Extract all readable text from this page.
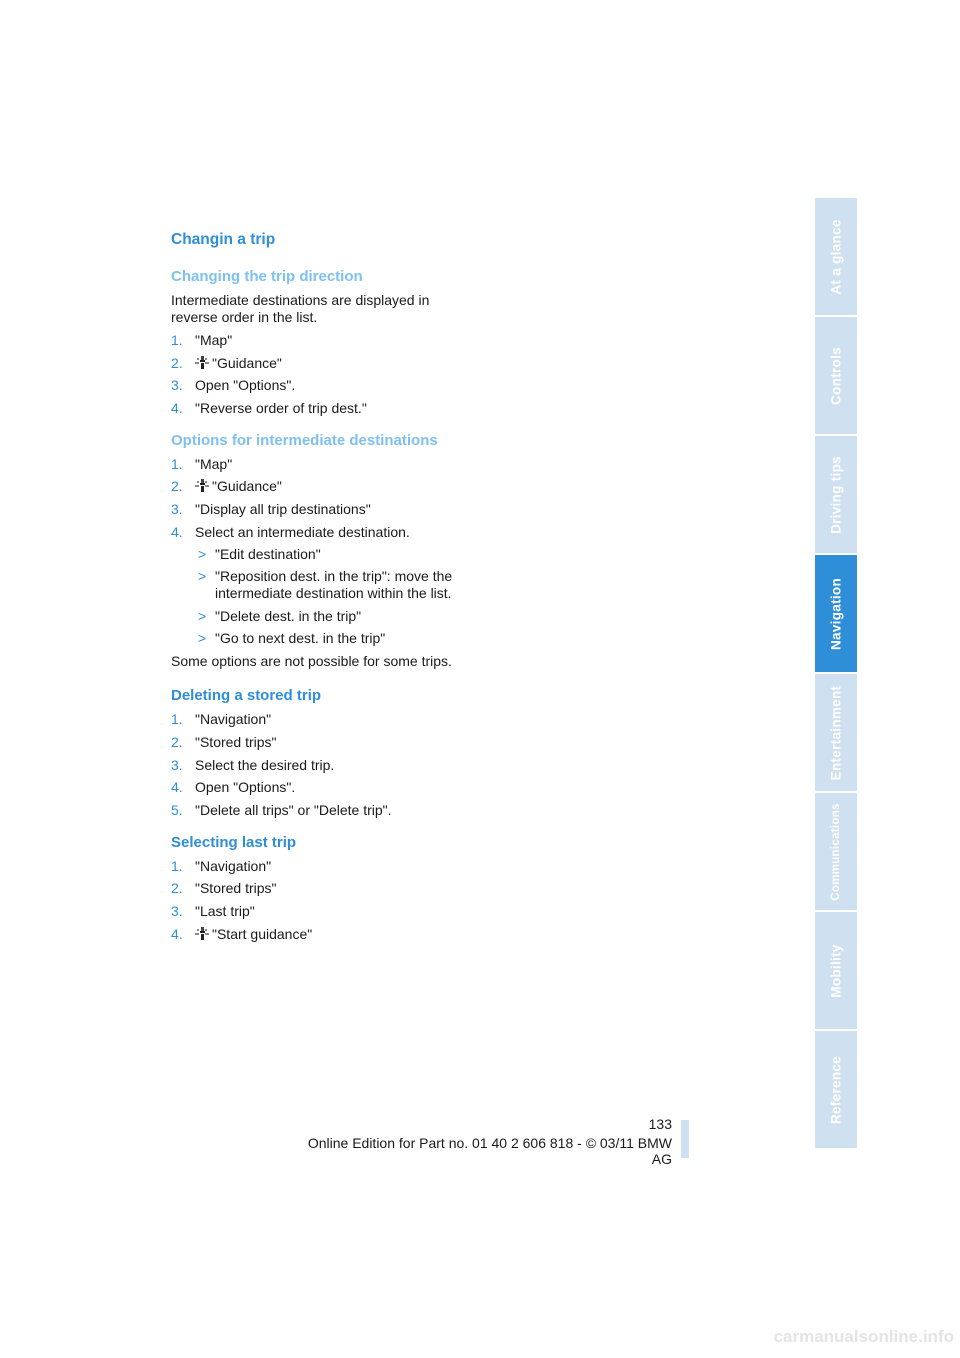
Changin a trip
Changing the trip direction

Intermediate destinations are displayed in reverse order in the list.

1. "Map"
2. "Guidance"
3. Open "Options".
4. "Reverse order of trip dest."
Options for intermediate destinations
1. "Map"
2. "Guidance"
3. "Display all trip destinations"
4. Select an intermediate destination.
> "Edit destination"
> "Reposition dest. in the trip": move the intermediate destination within the list.
> "Delete dest. in the trip"
> "Go to next dest. in the trip"

Some options are not possible for some trips.

Deleting a stored trip
1. "Navigation"
2. "Stored trips"
3. Select the desired trip.
4. Open "Options".
5. "Delete all trips" or "Delete trip".
Selecting last trip
1. "Navigation"
2. "Stored trips"
3. "Last trip"
4. "Start guidance"
At a glance
Controls
Driving tips
Navigation
Entertainment
Communications
Mobility
Reference
133
Online Edition for Part no. 01 40 2 606 818 - © 03/11 BMW AG
carmanualsonline.info
